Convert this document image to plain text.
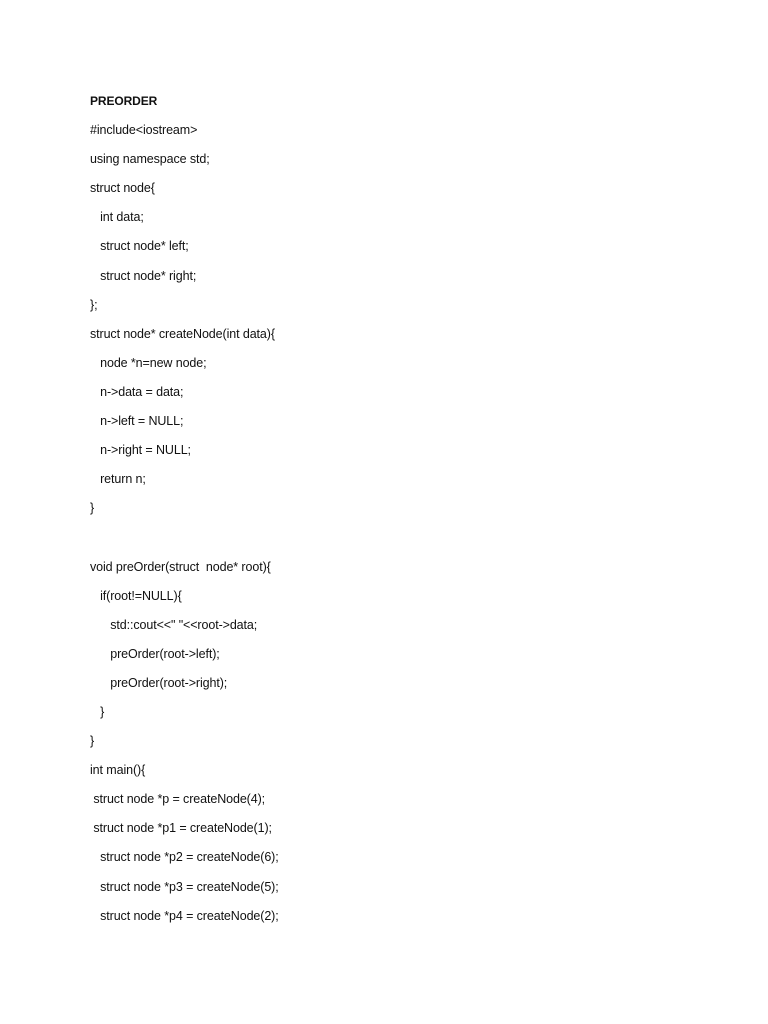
PREORDER
#include<iostream>
using namespace std;
struct node{
int data;
struct node* left;
struct node* right;
};
struct node* createNode(int data){
node *n=new node;
n->data = data;
n->left = NULL;
n->right = NULL;
return n;
}
void preOrder(struct  node* root){
if(root!=NULL){
std::cout<<" "<<root->data;
preOrder(root->left);
preOrder(root->right);
}
}
int main(){
struct node *p = createNode(4);
struct node *p1 = createNode(1);
struct node *p2 = createNode(6);
struct node *p3 = createNode(5);
struct node *p4 = createNode(2);
